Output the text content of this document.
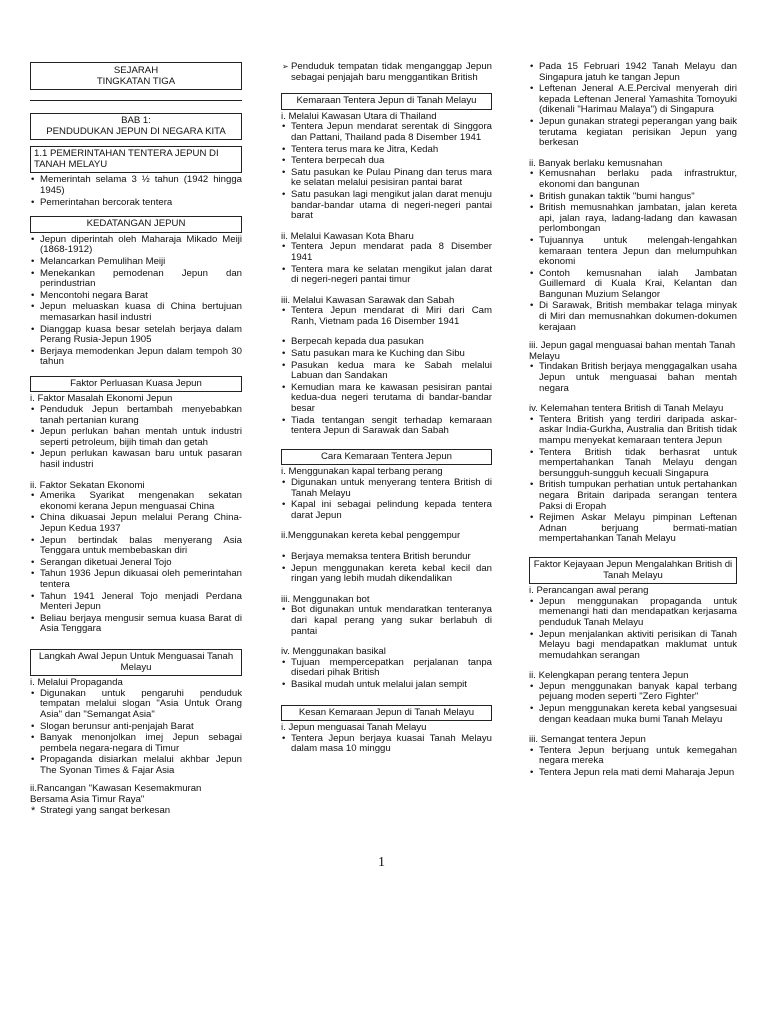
SEJARAH
TINGKATAN TIGA
BAB 1:
PENDUDUKAN JEPUN DI NEGARA KITA
1.1 PEMERINTAHAN TENTERA JEPUN DI TANAH MELAYU
• Memerintah selama 3 ½ tahun (1942 hingga 1945)
• Pemerintahan bercorak tentera
KEDATANGAN JEPUN
• Jepun diperintah oleh Maharaja Mikado Meiji (1868-1912)
• Melancarkan Pemulihan Meiji
• Menekankan pemodenan Jepun dan perindustrian
• Mencontohi negara Barat
• Jepun meluaskan kuasa di China bertujuan memasarkan hasil industri
• Dianggap kuasa besar setelah berjaya dalam Perang Rusia-Jepun 1905
• Berjaya memodenkan Jepun dalam tempoh 30 tahun
Faktor Perluasan Kuasa Jepun
i. Faktor Masalah Ekonomi Jepun
• Penduduk Jepun bertambah menyebabkan tanah pertanian kurang
• Jepun perlukan bahan mentah untuk industri seperti petroleum, bijih timah dan getah
• Jepun perlukan kawasan baru untuk pasaran hasil industri
ii. Faktor Sekatan Ekonomi
• Amerika Syarikat mengenakan sekatan ekonomi kerana Jepun menguasai China
• China dikuasai Jepun melalui Perang China-Jepun Kedua 1937
• Jepun bertindak balas menyerang Asia Tenggara untuk membebaskan diri
• Serangan diketuai Jeneral Tojo
• Tahun 1936 Jepun dikuasai oleh pemerintahan tentera
• Tahun 1941 Jeneral Tojo menjadi Perdana Menteri Jepun
• Beliau berjaya mengusir semua kuasa Barat di Asia Tenggara
Langkah Awal Jepun Untuk Menguasai Tanah Melayu
i. Melalui Propaganda
• Digunakan untuk pengaruhi penduduk tempatan melalui slogan "Asia Untuk Orang Asia" dan "Semangat Asia"
• Slogan berunsur anti-penjajah Barat
• Banyak menonjolkan imej Jepun sebagai pembela negara-negara di Timur
• Propaganda disiarkan melalui akhbar Jepun The Syonan Times & Fajar Asia
ii.Rancangan "Kawasan Kesemakmuran Bersama Asia Timur Raya"
* Strategi yang sangat berkesan
➢ Penduduk tempatan tidak menganggap Jepun sebagai penjajah baru menggantikan British
Kemaraan Tentera Jepun di Tanah Melayu
i. Melalui Kawasan Utara di Thailand
• Tentera Jepun mendarat serentak di Singgora dan Pattani, Thailand pada 8 Disember 1941
• Tentera terus mara ke Jitra, Kedah
• Tentera berpecah dua
• Satu pasukan ke Pulau Pinang dan terus mara ke selatan melalui pesisiran pantai barat
• Satu pasukan lagi mengikut jalan darat menuju bandar-bandar utama di negeri-negeri pantai barat
ii. Melalui Kawasan Kota Bharu
• Tentera Jepun mendarat pada 8 Disember 1941
• Tentera mara ke selatan mengikut jalan darat di negeri-negeri pantai timur
iii. Melalui Kawasan Sarawak dan Sabah
• Tentera Jepun mendarat di Miri dari Cam Ranh, Vietnam pada 16 Disember 1941
• Berpecah kepada dua pasukan
• Satu pasukan mara ke Kuching dan Sibu
• Pasukan kedua mara ke Sabah melalui Labuan dan Sandakan
• Kemudian mara ke kawasan pesisiran pantai kedua-dua negeri terutama di bandar-bandar besar
• Tiada tentangan sengit terhadap kemaraan tentera Jepun di Sarawak dan Sabah
Cara Kemaraan Tentera Jepun
i. Menggunakan kapal terbang perang
• Digunakan untuk menyerang tentera British di Tanah Melayu
• Kapal ini sebagai pelindung kepada tentera darat Jepun
ii.Menggunakan kereta kebal penggempur
• Berjaya memaksa tentera British berundur
• Jepun menggunakan kereta kebal kecil dan ringan yang lebih mudah dikendalikan
iii. Menggunakan bot
• Bot digunakan untuk mendaratkan tenteranya dari kapal perang yang sukar berlabuh di pantai
iv. Menggunakan basikal
• Tujuan mempercepatkan perjalanan tanpa disedari pihak British
• Basikal mudah untuk melalui jalan sempit
Kesan Kemaraan Jepun di Tanah Melayu
i. Jepun menguasai Tanah Melayu
• Tentera Jepun berjaya kuasai Tanah Melayu dalam masa 10 minggu
• Pada 15 Februari 1942 Tanah Melayu dan Singapura jatuh ke tangan Jepun
• Leftenan Jeneral A.E.Percival menyerah diri kepada Leftenan Jeneral Yamashita Tomoyuki (dikenali "Harimau Malaya") di Singapura
• Jepun gunakan strategi peperangan yang baik terutama kegiatan perisikan Jepun yang berkesan
ii. Banyak berlaku kemusnahan
• Kemusnahan berlaku pada infrastruktur, ekonomi dan bangunan
• British gunakan taktik "bumi hangus"
• British memusnahkan jambatan, jalan kereta api, jalan raya, ladang-ladang dan kawasan perlombongan
• Tujuannya untuk melengah-lengahkan kemaraan tentera Jepun dan melumpuhkan ekonomi
• Contoh kemusnahan ialah Jambatan Guillemard di Kuala Krai, Kelantan dan Bangunan Muzium Selangor
• Di Sarawak, British membakar telaga minyak di Miri dan memusnahkan dokumen-dokumen kerajaan
iii. Jepun gagal menguasai bahan mentah Tanah Melayu
• Tindakan British berjaya menggagalkan usaha Jepun untuk menguasai bahan mentah negara
iv. Kelemahan tentera British di Tanah Melayu
• Tentera British yang terdiri daripada askar-askar India-Gurkha, Australia dan British tidak mampu menyekat kemaraan tentera Jepun
• Tentera British tidak berhasrat untuk mempertahankan Tanah Melayu dengan bersungguh-sungguh kecuali Singapura
• British tumpukan perhatian untuk pertahankan negara Britain daripada serangan tentera Paksi di Eropah
• Rejimen Askar Melayu pimpinan Leftenan Adnan berjuang bermati-matian mempertahankan Tanah Melayu
Faktor Kejayaan Jepun Mengalahkan British di Tanah Melayu
i. Perancangan awal perang
• Jepun menggunakan propaganda untuk memenangi hati dan mendapatkan kerjasama penduduk Tanah Melayu
• Jepun menjalankan aktiviti perisikan di Tanah Melayu bagi mendapatkan maklumat untuk memudahkan serangan
ii. Kelengkapan perang tentera Jepun
• Jepun menggunakan banyak kapal terbang pejuang moden seperti "Zero Fighter"
• Jepun menggunakan kereta kebal yangsesuai dengan keadaan muka bumi Tanah Melayu
iii. Semangat tentera Jepun
• Tentera Jepun berjuang untuk kemegahan negara mereka
• Tentera Jepun rela mati demi Maharaja Jepun
1
